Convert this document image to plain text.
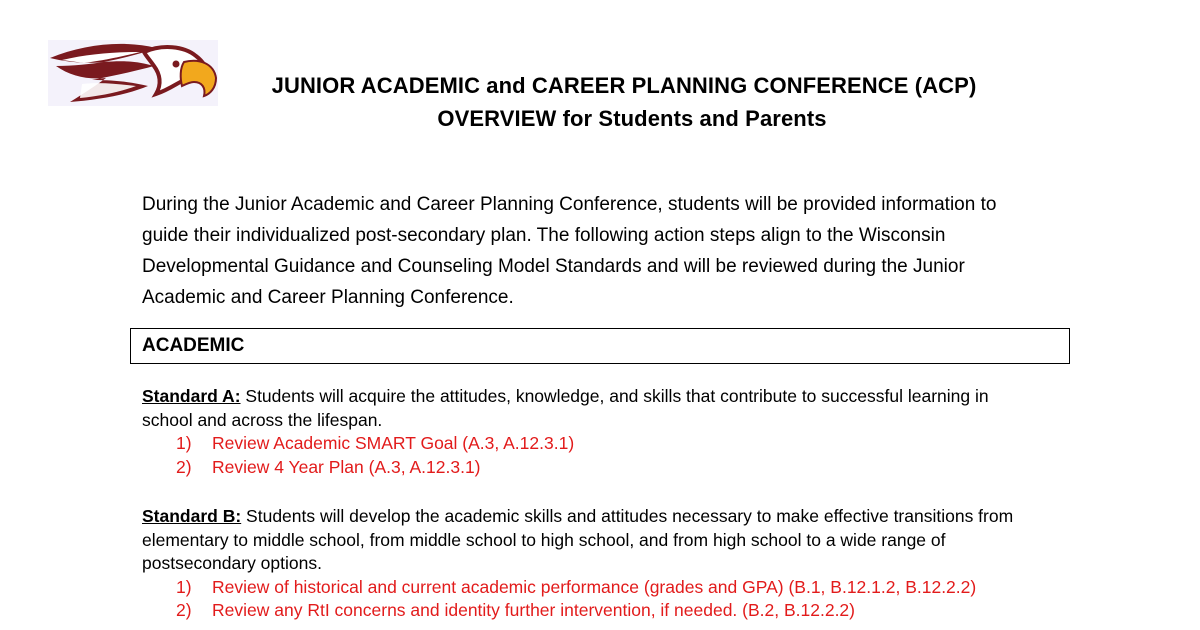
JUNIOR ACADEMIC and CAREER PLANNING CONFERENCE (ACP)
OVERVIEW for Students and Parents

During the Junior Academic and Career Planning Conference, students will be provided information to

guide their individualized post-secondary plan. The following action steps align to the Wisconsin

Developmental Guidance and Counseling Model Standards and will be reviewed during the Junior

Academic and Career Planning Conference.

ACADEMIC
Standard A: Students will acquire the attitudes, knowledge, and skills that contribute to successful learning in
school and across the lifespan.
1)	Review Academic SMART Goal (A.3, A.12.3.1)
2)	Review 4 Year Plan (A.3, A.12.3.1)
Standard B: Students will develop the academic skills and attitudes necessary to make effective transitions from
elementary to middle school, from middle school to high school, and from high school to a wide range of
postsecondary options.
1)	Review of historical and current academic performance (grades and GPA) (B.1, B.12.1.2, B.12.2.2)
2)	Review any RtI concerns and identity further intervention, if needed. (B.2, B.12.2.2)
